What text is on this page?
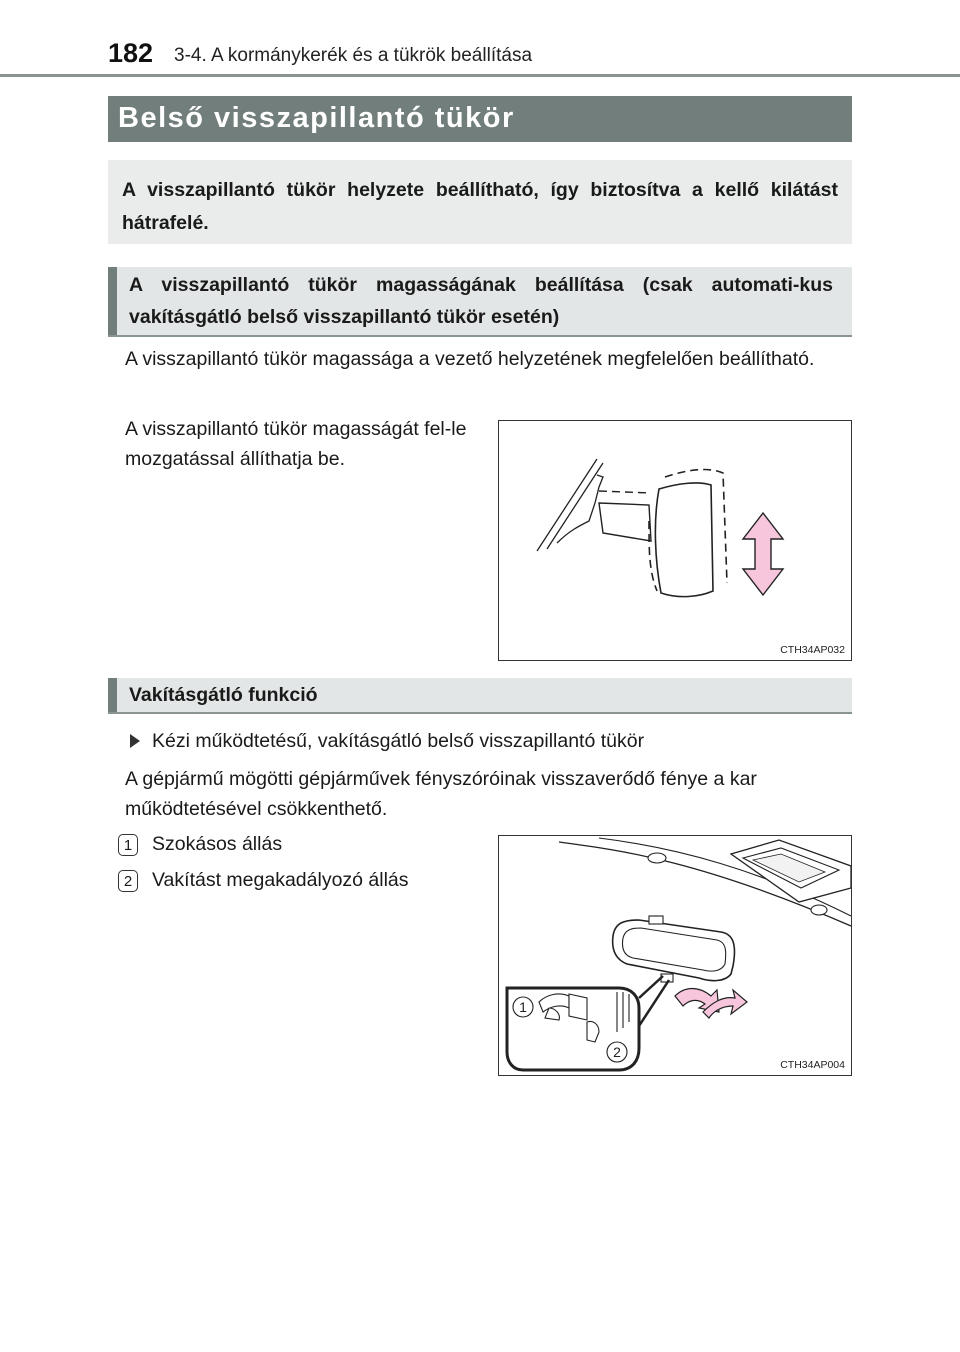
182 3-4. A kormánykerék és a tükrök beállítása
Belső visszapillantó tükör
A visszapillantó tükör helyzete beállítható, így biztosítva a kellő kilátást hátrafelé.
A visszapillantó tükör magasságának beállítása (csak automati-kus vakításgátló belső visszapillantó tükör esetén)
A visszapillantó tükör magassága a vezető helyzetének megfelelően beállítható.
A visszapillantó tükör magasságát fel-le mozgatással állíthatja be.
CTH34AP032
Vakításgátló funkció
Kézi működtetésű, vakításgátló belső visszapillantó tükör
A gépjármű mögötti gépjárművek fényszóróinak visszaverődő fénye a kar működtetésével csökkenthető.
1 Szokásos állás
2 Vakítást megakadályozó állás
1
2
CTH34AP004
